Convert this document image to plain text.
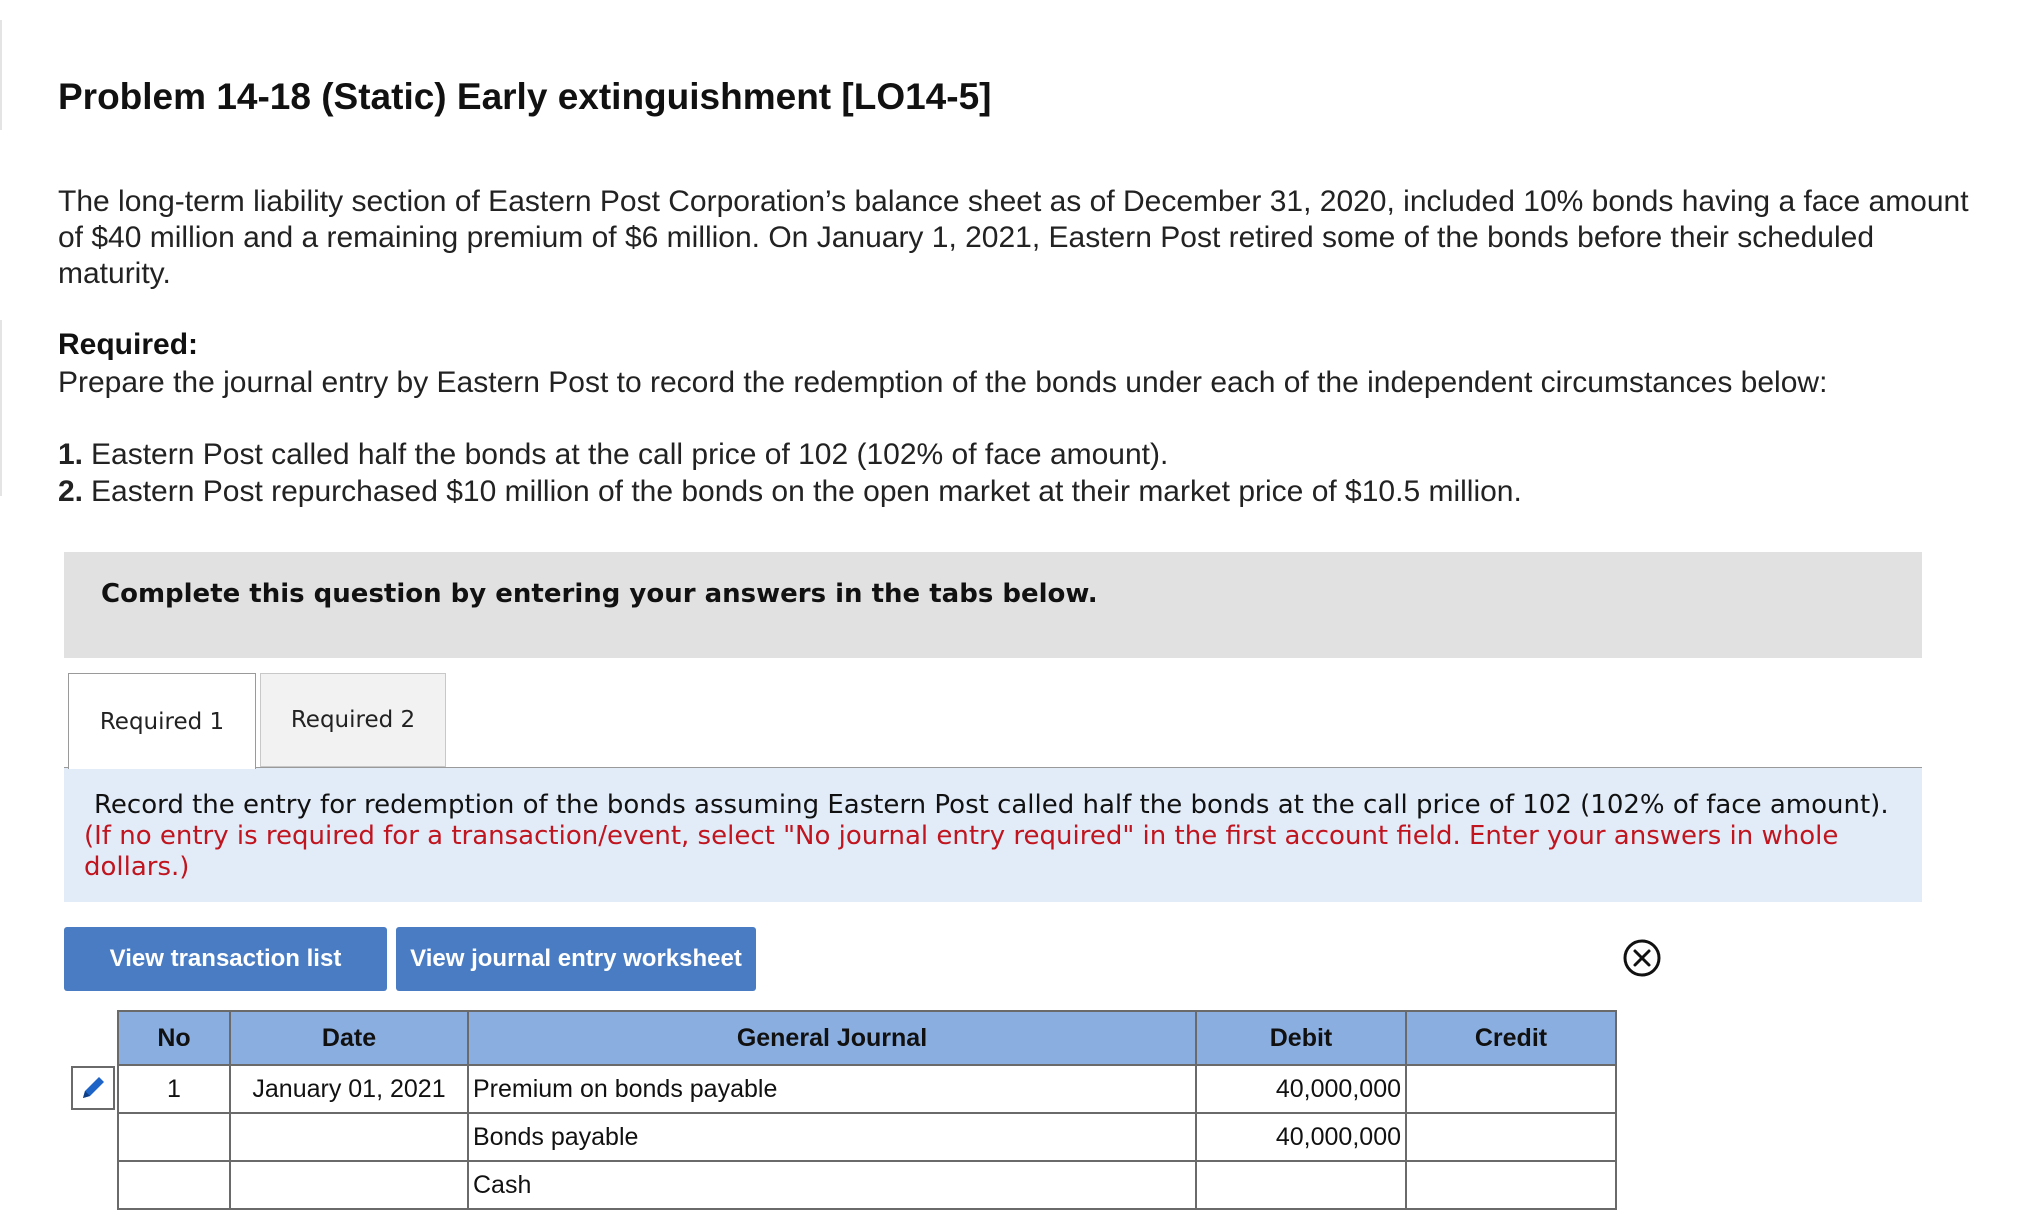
Problem 14-18 (Static) Early extinguishment [LO14-5]

The long-term liability section of Eastern Post Corporation’s balance sheet as of December 31, 2020, included 10% bonds having a face amount of $40 million and a remaining premium of $6 million. On January 1, 2021, Eastern Post retired some of the bonds before their scheduled maturity.

Required:

Prepare the journal entry by Eastern Post to record the redemption of the bonds under each of the independent circumstances below:

1. Eastern Post called half the bonds at the call price of 102 (102% of face amount).
2. Eastern Post repurchased $10 million of the bonds on the open market at their market price of $10.5 million.
Complete this question by entering your answers in the tabs below.
Required 1	Required 2
Record the entry for redemption of the bonds assuming Eastern Post called half the bonds at the call price of 102 (102% of face amount). (If no entry is required for a transaction/event, select "No journal entry required" in the first account field. Enter your answers in whole dollars.)
View transaction list	View journal entry worksheet
No	Date	General Journal	Debit	Credit
1	January 01, 2021	Premium on bonds payable	40,000,000	
		Bonds payable	40,000,000	
		Cash		
